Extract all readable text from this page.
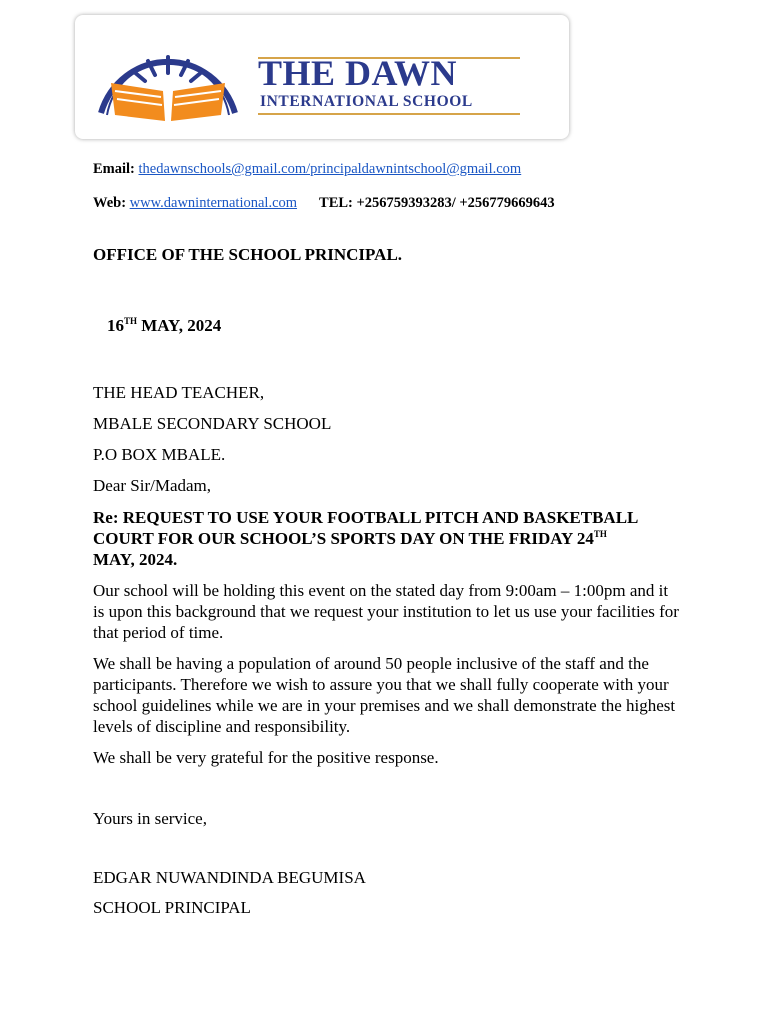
THE DAWN
INTERNATIONAL SCHOOL
Email: thedawnschools@gmail.com/principaldawnintschool@gmail.com
Web: www.dawninternational.com TEL: +256759393283/ +256779669643
OFFICE OF THE SCHOOL PRINCIPAL.
16TH MAY, 2024
THE HEAD TEACHER,
MBALE SECONDARY SCHOOL
P.O BOX MBALE.
Dear Sir/Madam,
Re: REQUEST TO USE YOUR FOOTBALL PITCH AND BASKETBALL COURT FOR OUR SCHOOL’S SPORTS DAY ON THE FRIDAY 24TH
MAY, 2024.
Our school will be holding this event on the stated day from 9:00am – 1:00pm and it is upon this background that we request your institution to let us use your facilities for that period of time.
We shall be having a population of around 50 people inclusive of the staff and the participants. Therefore we wish to assure you that we shall fully cooperate with your school guidelines while we are in your premises and we shall demonstrate the highest levels of discipline and responsibility.
We shall be very grateful for the positive response.
Yours in service,
EDGAR NUWANDINDA BEGUMISA
SCHOOL PRINCIPAL
